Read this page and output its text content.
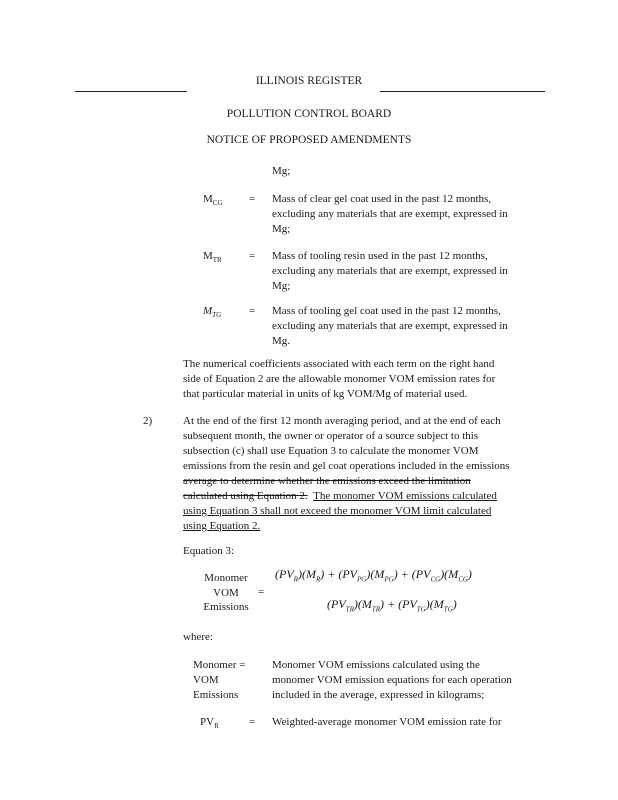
ILLINOIS REGISTER
POLLUTION CONTROL BOARD
NOTICE OF PROPOSED AMENDMENTS
Mg;
$M_{CG}$ = Mass of clear gel coat used in the past 12 months,
excluding any materials that are exempt, expressed in
Mg;
$M_{TR}$ = Mass of tooling resin used in the past 12 months,
excluding any materials that are exempt, expressed in
Mg;
$M_{TG}$	= Mass of tooling gel coat used in the past 12 months,
excluding any materials that are exempt, expressed in
Mg.
The numerical coefficients associated with each term on the right hand
side of Equation 2 are the allowable monomer VOM emission rates for
that particular material in units of kg VOM/Mg of material used.
2)	At the end of the first 12 month averaging period, and at the end of each
subsequent month, the owner or operator of a source subject to this
subsection (c) shall use Equation 3 to calculate the monomer VOM
emissions from the resin and gel coat operations included in the emissions
average to determine whether the emissions exceed the limitation
calculated using Equation 2. The monomer VOM emissions calculated
using Equation 3 shall not exceed the monomer VOM limit calculated
using Equation 2.
Equation 3:
Monomer
VOM
Emissions
=
$(PV_R)(M_R) + (PV_{PG})(M_{PG}) + (PV_{CG})(M_{CG})$
$(PV_{TR})(M_{TR}) + (PV_{TG})(M_{TG})$
where:
Monomer =
VOM
Emissions
Monomer VOM emissions calculated using the
monomer VOM emission equations for each operation
included in the average, expressed in kilograms;
$PV_R$	= Weighted-average monomer VOM emission rate for
